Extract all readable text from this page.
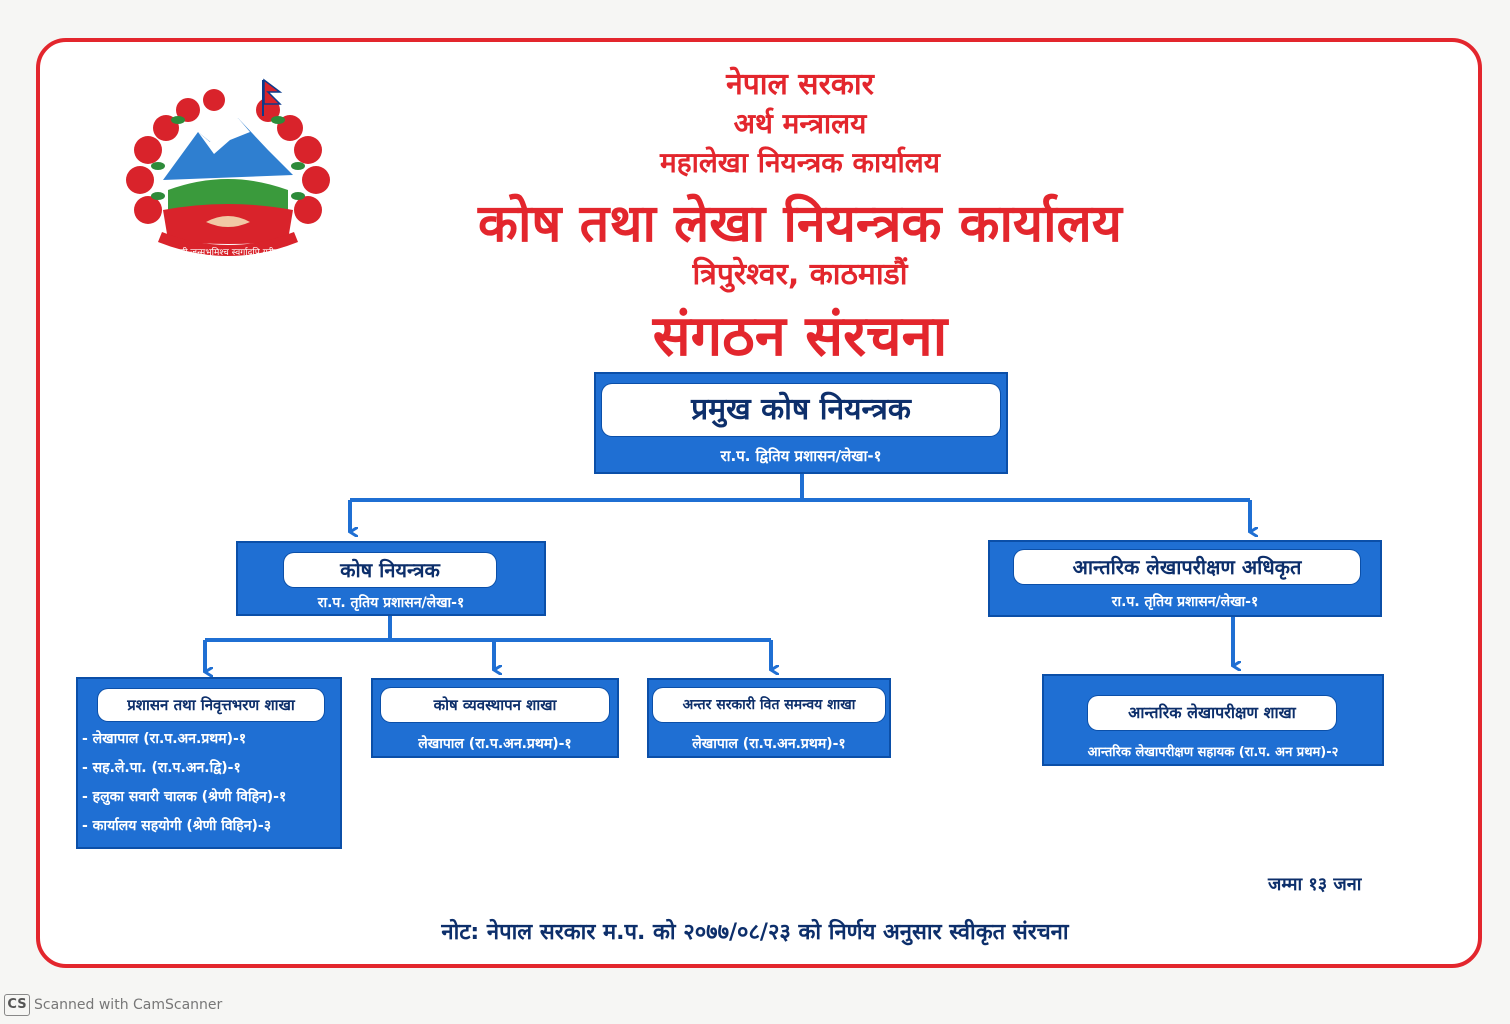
जननी जन्मभूमिश्च स्वर्गादपि गरीयसी
नेपाल सरकार
अर्थ मन्त्रालय
महालेखा नियन्त्रक कार्यालय
कोष तथा लेखा नियन्त्रक कार्यालय
त्रिपुरेश्वर, काठमाडौं
संगठन संरचना
प्रमुख कोष नियन्त्रक
रा.प. द्वितिय प्रशासन/लेखा-१
कोष नियन्त्रक
रा.प. तृतिय प्रशासन/लेखा-१
आन्तरिक लेखापरीक्षण अधिकृत
रा.प. तृतिय प्रशासन/लेखा-१
प्रशासन तथा निवृत्तभरण शाखा
- लेखापाल (रा.प.अन.प्रथम)-१
- सह.ले.पा. (रा.प.अन.द्वि)-१
- हलुका सवारी चालक (श्रेणी विहिन)-१
- कार्यालय सहयोगी (श्रेणी विहिन)-३
कोष व्यवस्थापन शाखा
लेखापाल (रा.प.अन.प्रथम)-१
अन्तर सरकारी वित समन्वय शाखा
लेखापाल (रा.प.अन.प्रथम)-१
आन्तरिक लेखापरीक्षण शाखा
आन्तरिक लेखापरीक्षण सहायक (रा.प. अन प्रथम)-२
जम्मा १३ जना
नोट: नेपाल सरकार म.प. को २०७७/०८/२३ को निर्णय अनुसार स्वीकृत संरचना
CS Scanned with CamScanner
